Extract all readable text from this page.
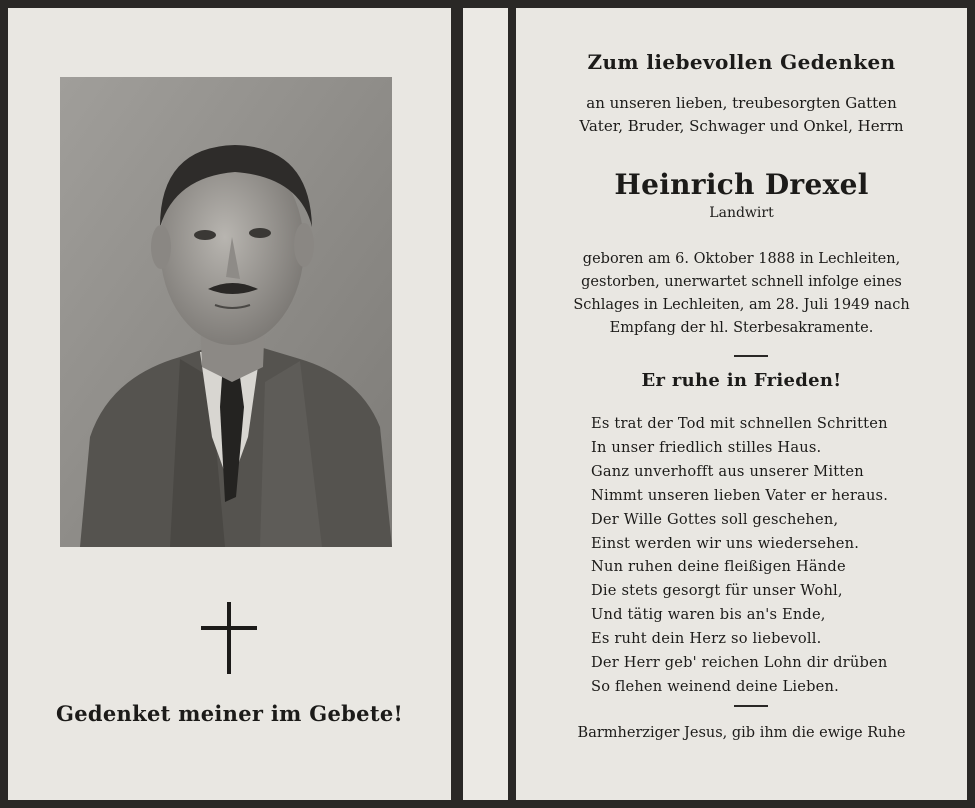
Gedenket meiner im Gebete!
Zum liebevollen Gedenken
an unseren lieben, treubesorgten Gatten
Vater, Bruder, Schwager und Onkel, Herrn
Heinrich Drexel
Landwirt
geboren am 6. Oktober 1888 in Lechleiten,
gestorben, unerwartet schnell infolge eines
Schlages in Lechleiten, am 28. Juli 1949 nach
Empfang der hl. Sterbesakramente.
Er ruhe in Frieden!
Es trat der Tod mit schnellen Schritten
In unser friedlich stilles Haus.
Ganz unverhofft aus unserer Mitten
Nimmt unseren lieben Vater er heraus.
Der Wille Gottes soll geschehen,
Einst werden wir uns wiedersehen.
Nun ruhen deine fleißigen Hände
Die stets gesorgt für unser Wohl,
Und tätig waren bis an's Ende,
Es ruht dein Herz so liebevoll.
Der Herr geb' reichen Lohn dir drüben
So flehen weinend deine Lieben.
Barmherziger Jesus, gib ihm die ewige Ruhe
